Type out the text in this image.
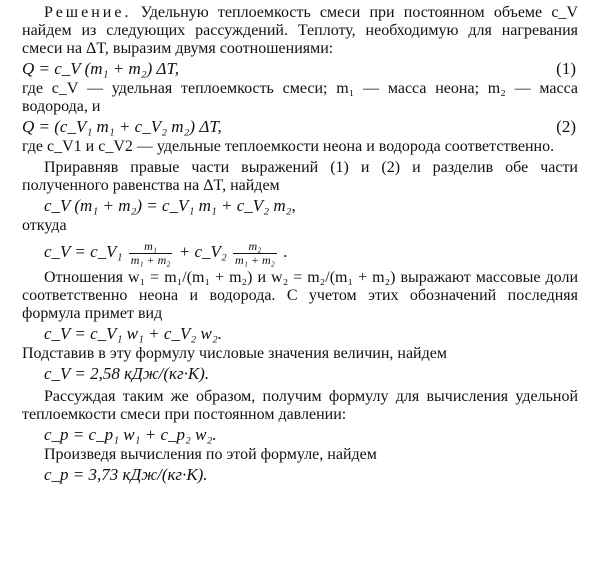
Решение. Удельную теплоемкость смеси при постоянном объеме c_V найдем из следующих рассуждений. Теплоту, необходимую для нагревания смеси на ΔT, выразим двумя соотношениями:

Q = c_V (m₁ + m₂) ΔT,	(1)

где c_V — удельная теплоемкость смеси; m₁ — масса неона; m₂ — масса водорода, и

Q = (c_V₁ m₁ + c_V₂ m₂) ΔT,	(2)

где c_V1 и c_V2 — удельные теплоемкости неона и водорода соответственно.

Приравняв правые части выражений (1) и (2) и разделив обе части полученного равенства на ΔT, найдем

c_V (m₁ + m₂) = c_V₁ m₁ + c_V₂ m₂,

откуда

c_V = c_V₁ $\frac{\text{m₁}}{\text{m₁ + m₂}}$ + c_V₂ $\frac{\text{m₂}}{\text{m₁ + m₂}}$ .

Отношения w₁ = m₁/(m₁ + m₂) и w₂ = m₂/(m₁ + m₂) выражают массовые доли соответственно неона и водорода. С учетом этих обозначений последняя формула примет вид

c_V = c_V₁ w₁ + c_V₂ w₂.

Подставив в эту формулу числовые значения величин, найдем

c_V = 2,58 кДж/(кг·К).

Рассуждая таким же образом, получим формулу для вычисления удельной теплоемкости смеси при постоянном давлении:

c_p = c_p₁ w₁ + c_p₂ w₂.

Произведя вычисления по этой формуле, найдем

c_p = 3,73 кДж/(кг·К).
